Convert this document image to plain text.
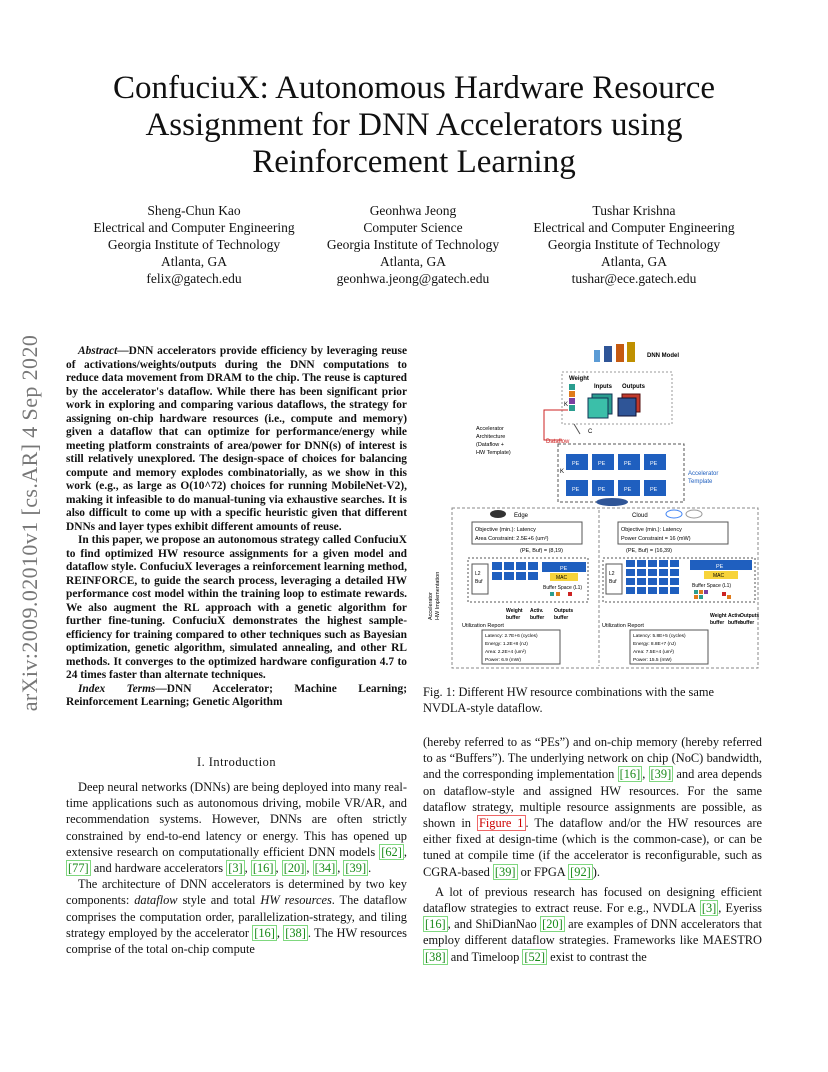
ConfuciuX: Autonomous Hardware Resource
Assignment for DNN Accelerators using
Reinforcement Learning
Sheng-Chun Kao
Electrical and Computer Engineering
Georgia Institute of Technology
Atlanta, GA
felix@gatech.edu
Geonhwa Jeong
Computer Science
Georgia Institute of Technology
Atlanta, GA
geonhwa.jeong@gatech.edu
Tushar Krishna
Electrical and Computer Engineering
Georgia Institute of Technology
Atlanta, GA
tushar@ece.gatech.edu
arXiv:2009.02010v1 [cs.AR] 4 Sep 2020	Abstract—DNN accelerators provide efficiency by leveraging reuse of activations/weights/outputs during the DNN computations to reduce data movement from DRAM to the chip. The reuse is captured by the accelerator's dataflow. While there has been significant prior work in exploring and comparing various dataflows, the strategy for assigning on-chip hardware resources (i.e., compute and memory) given a dataflow that can optimize for performance/energy while meeting platform constraints of area/power for DNN(s) of interest is still relatively unexplored. The design-space of choices for balancing compute and memory explodes combinatorially, as we show in this work (e.g., as large as O(10^72) choices for running MobileNet-V2), making it infeasible to do manual-tuning via exhaustive searches. It is also difficult to come up with a specific heuristic given that different DNNs and layer types exhibit different amounts of reuse.

In this paper, we propose an autonomous strategy called ConfuciuX to find optimized HW resource assignments for a given model and dataflow style. ConfuciuX leverages a reinforcement learning method, REINFORCE, to guide the search process, leveraging a detailed HW performance cost model within the training loop to estimate rewards. We also augment the RL approach with a genetic algorithm for further fine-tuning. ConfuciuX demonstrates the highest sample-efficiency for training compared to other techniques such as Bayesian optimization, genetic algorithm, simulated annealing, and other RL methods. It converges to the optimized hardware configuration 4.7 to 24 times faster than alternate techniques.

Index Terms—DNN Accelerator; Machine Learning; Reinforcement Learning; Genetic Algorithm

I. Introduction

Deep neural networks (DNNs) are being deployed into many real-time applications such as autonomous driving, mobile VR/AR, and recommendation systems. However, DNNs are often strictly constrained by end-to-end latency or energy. This has opened up extensive research on computationally efficient DNN models [62] , [77] and hardware accelerators [3] , [16] , [20] , [34] , [39] .

The architecture of DNN accelerators is determined by two key components: dataflow style and total HW resources. The dataflow comprises the computation order, parallelization-strategy, and tiling strategy employed by the accelerator [16] , [38] . The HW resources comprise of the total on-chip compute

(hereby referred to as “PEs”) and on-chip memory (hereby referred to as “Buffers”). The underlying network on chip (NoC) bandwidth, and the corresponding implementation [16] , [39] and area depends on dataflow-style and assigned HW resources. For the same dataflow strategy, multiple resource assignments are possible, as shown in Figure 1 . The dataflow and/or the HW resources are either fixed at design-time (which is the common-case), or can be tuned at compile time (if the accelerator is reconfigurable, such as CGRA-based [39] or FPGA [92] ).

A lot of previous research has focused on designing efficient dataflow strategies to extract reuse. For e.g., NVDLA [3] , Eyeriss [16] , and ShiDianNao [20] are examples of DNN accelerators that employ different dataflow strategies. Frameworks like MAESTRO [38] and Timeloop [52] exist to contrast the

Fig. 1: Different HW resource combinations with the same NVDLA-style dataflow.
DNN Model
Weight
Inputs Outputs
K
C
Dataflow
Accelerator
Architecture
(Dataflow +
HW Template)
K
PE	PE	PE	PE
PE	PE	PE	PE
Accelerator
Template
Accelerator HW Implementation
Edge
Objective (min.): Latency
Area Constraint: 2.5E+6 (um²)
(PE, Buf) = (8,19)
L2
Buf
PE
MAC
Buffer Space (L1)
Weight
buffer
Activ.
buffer
Outputs
buffer
Utilization Report
Latency: 2.7E+6 (cycles)
Energy: 1.2E+8 (nJ)
Area: 2.2E+4 (um²)
Power: 6.9 (mW)
Cloud
Objective (min.): Latency
Power Constraint = 16 (mW)
(PE, Buf) = (16,39)
L2
Buf
PE
MAC
Buffer Space (L1)
Weight
buffer
Activ.
buffer
Outputs
buffer
Utilization Report
Latency: 5.8E+5 (cycles)
Energy: 8.8E+7 (nJ)
Area: 7.5E+4 (um²)
Power: 15.5 (mW)
